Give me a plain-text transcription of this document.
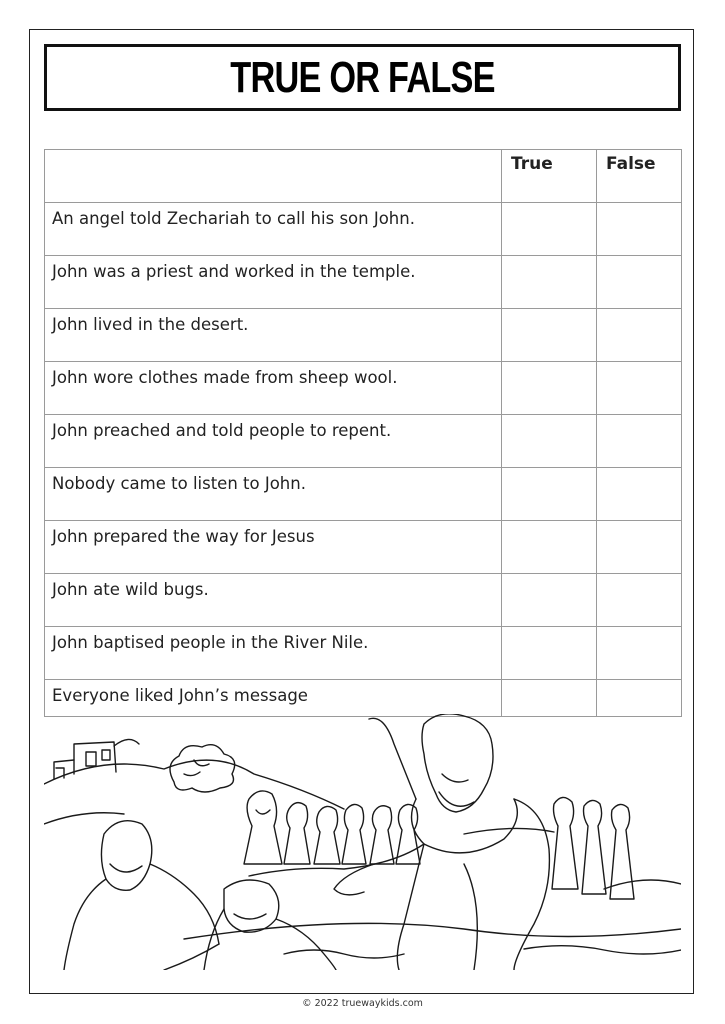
TRUE OR FALSE
	True	False
An angel told Zechariah to call his son John.		
John was a priest and worked in the temple.		
John lived in the desert.		
John wore clothes made from sheep wool.		
John preached and told people to repent.		
Nobody came to listen to John.		
John prepared the way for Jesus		
John ate wild bugs.		
John baptised people in the River Nile.		
Everyone liked John’s message		
© 2022 truewaykids.com
